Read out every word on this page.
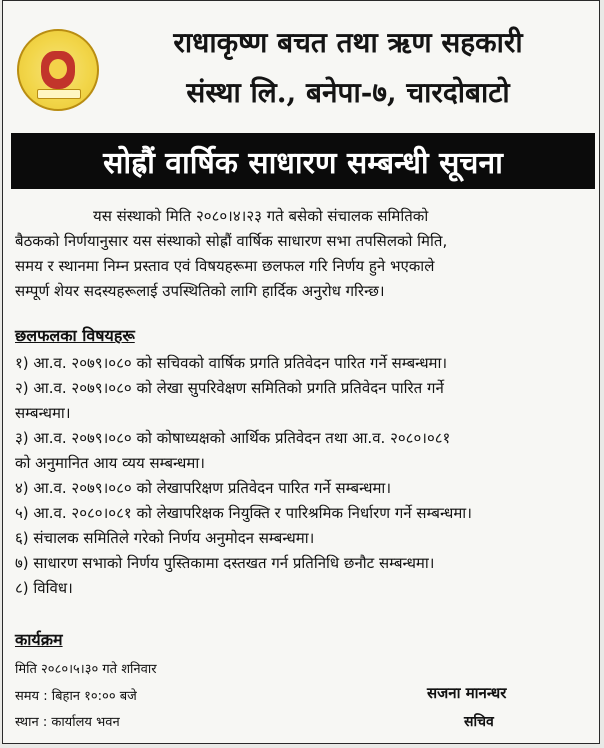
राधाकृष्ण बचत तथा ऋण सहकारी
संस्था लि., बनेपा-७, चारदोबाटो
सोह्रौं वार्षिक साधारण सम्बन्धी सूचना
यस संस्थाको मिति २०८०।४।२३ गते बसेको संचालक समितिको
बैठकको निर्णयानुसार यस संस्थाको सोह्रौं वार्षिक साधारण सभा तपसिलको मिति,
समय र स्थानमा निम्न प्रस्ताव एवं विषयहरूमा छलफल गरि निर्णय हुने भएकाले
सम्पूर्ण शेयर सदस्यहरूलाई उपस्थितिको लागि हार्दिक अनुरोध गरिन्छ।
छलफलका विषयहरू
१) आ.व. २०७९।०८० को सचिवको वार्षिक प्रगति प्रतिवेदन पारित गर्ने सम्बन्धमा।
२) आ.व. २०७९।०८० को लेखा सुपरिवेक्षण समितिको प्रगति प्रतिवेदन पारित गर्ने
सम्बन्धमा।
३) आ.व. २०७९।०८० को कोषाध्यक्षको आर्थिक प्रतिवेदन तथा आ.व. २०८०।०८१
को अनुमानित आय व्यय सम्बन्धमा।
४) आ.व. २०७९।०८० को लेखापरिक्षण प्रतिवेदन पारित गर्ने सम्बन्धमा।
५) आ.व. २०८०।०८१ को लेखापरिक्षक नियुक्ति र पारिश्रमिक निर्धारण गर्ने सम्बन्धमा।
६) संचालक समितिले गरेको निर्णय अनुमोदन सम्बन्धमा।
७) साधारण सभाको निर्णय पुस्तिकामा दस्तखत गर्न प्रतिनिधि छनौट सम्बन्धमा।
८) विविध।
कार्यक्रम
मिति २०८०।५।३० गते शनिवार
समय : बिहान १०:०० बजे
स्थान : कार्यालय भवन
सजना मानन्धर
सचिव
